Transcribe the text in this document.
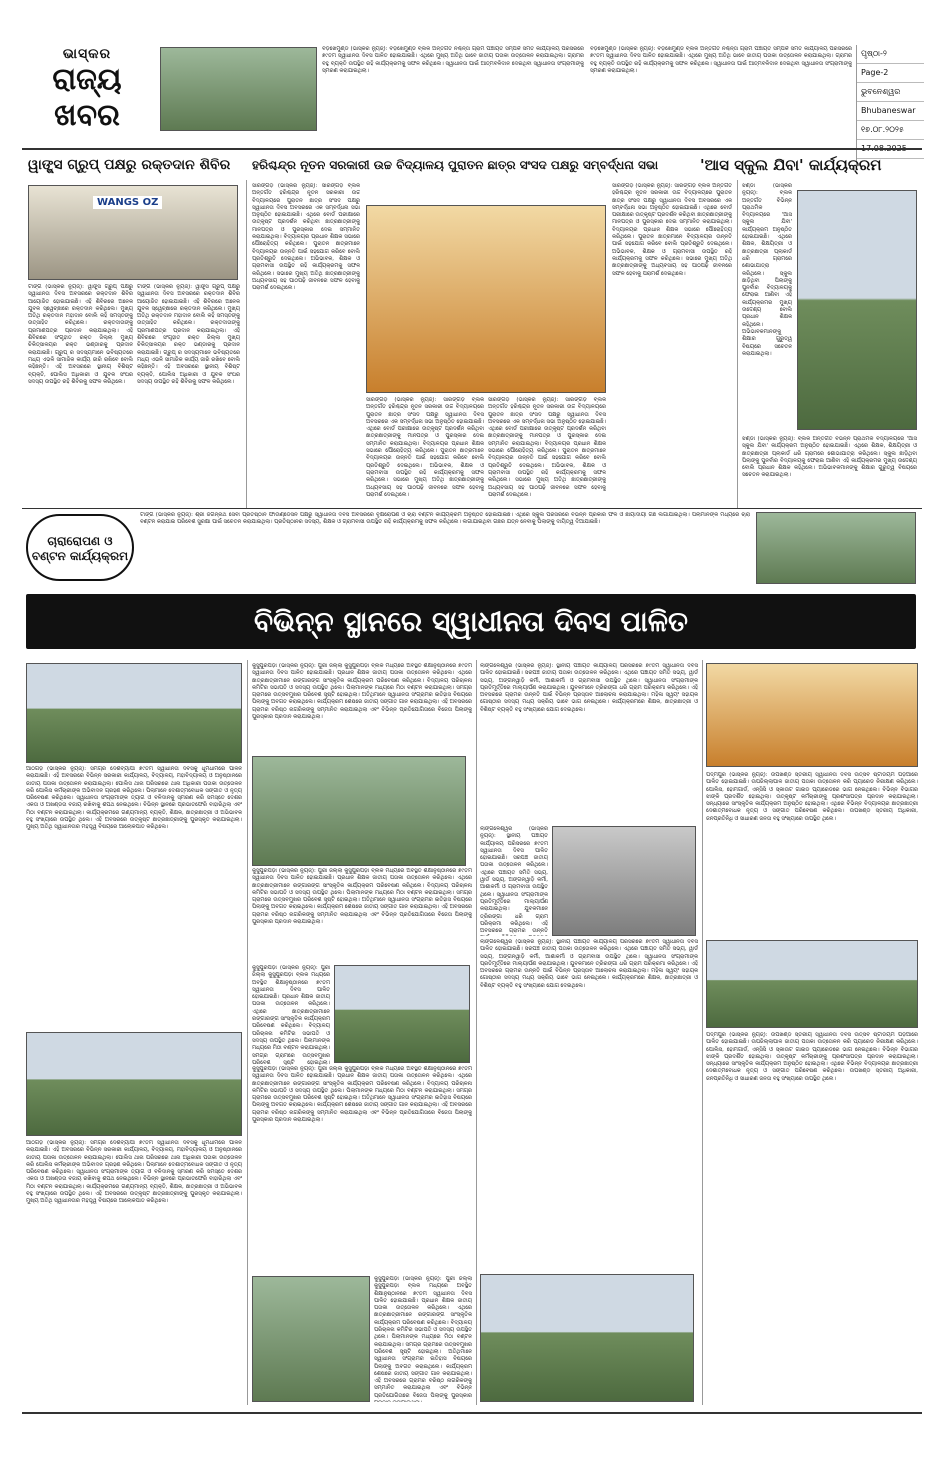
ଭାସ୍କର
ରାଜ୍ୟ
ଖବର
ବଡ଼ଖେମୁଣ୍ଡି (ଭାସ୍କର ନ୍ୟୁଜ୍): ବଡ଼ଖେମୁଣ୍ଡି ବ୍ଲକ ଅନ୍ତର୍ଗତ ନିଶ୍ଚିନ୍ତା ଗ୍ରାମ ପଞ୍ଚାୟତ ସମ୍ପର୍କ ସମିତି କାର୍ଯ୍ୟାଳୟ ପରିସରରେ ୭୯ତମ ସ୍ୱାଧୀନତା ଦିବସ ପାଳିତ ହୋଇଯାଇଛି। ଏଥିରେ ମୁଖ୍ୟ ଅତିଥି ଭାବେ ଜାତୀୟ ପତାକା ଉତ୍ତୋଳନ କରାଯାଇଥିଲା। ଗ୍ରାମର ବହୁ ବ୍ୟକ୍ତି ଉପସ୍ଥିତ ରହି କାର୍ଯ୍ୟକ୍ରମକୁ ସଫଳ କରିଥିଲେ। ସ୍ୱାଧୀନତା ପାଇଁ ଆତ୍ମବଳିଦାନ ଦେଇଥିବା ସ୍ୱାଧୀନତା ସଂଗ୍ରାମୀଙ୍କୁ ସ୍ମରଣ କରାଯାଇଥିଲା।
ବଡ଼ଖେମୁଣ୍ଡି (ଭାସ୍କର ନ୍ୟୁଜ୍): ବଡ଼ଖେମୁଣ୍ଡି ବ୍ଲକ ଅନ୍ତର୍ଗତ ନିଶ୍ଚିନ୍ତା ଗ୍ରାମ ପଞ୍ଚାୟତ ସମ୍ପର୍କ ସମିତି କାର୍ଯ୍ୟାଳୟ ପରିସରରେ ୭୯ତମ ସ୍ୱାଧୀନତା ଦିବସ ପାଳିତ ହୋଇଯାଇଛି। ଏଥିରେ ମୁଖ୍ୟ ଅତିଥି ଭାବେ ଜାତୀୟ ପତାକା ଉତ୍ତୋଳନ କରାଯାଇଥିଲା। ଗ୍ରାମର ବହୁ ବ୍ୟକ୍ତି ଉପସ୍ଥିତ ରହି କାର୍ଯ୍ୟକ୍ରମକୁ ସଫଳ କରିଥିଲେ। ସ୍ୱାଧୀନତା ପାଇଁ ଆତ୍ମବଳିଦାନ ଦେଇଥିବା ସ୍ୱାଧୀନତା ସଂଗ୍ରାମୀଙ୍କୁ ସ୍ମରଣ କରାଯାଇଥିଲା।
ପୃଷ୍ଠା-୨
Page-2
ଭୁବନେଶ୍ୱର
Bhubaneswar
୧୭.୦୮.୨୦୨୫
ୱାଙ୍ଗ୍ସ ଗ୍ରୁପ୍ ପକ୍ଷରୁ ରକ୍ତଦାନ ଶିବିର	ହରିଶ୍ଚନ୍ଦ୍ର ନୂତନ ସରକାରୀ ଉଚ୍ଚ ବିଦ୍ୟାଳୟ ପୁରାତନ ଛାତ୍ର ସଂସଦ ପକ୍ଷରୁ ସମ୍ବର୍ଦ୍ଧନା ସଭା	'ଆସ ସ୍କୁଲ ଯିବା' କାର୍ଯ୍ୟକ୍ରମ
WANGS OZ
ଟାଙ୍ଗି (ଭାସ୍କର ନ୍ୟୁଜ୍): ୱାଙ୍ଗ୍ସ ଗ୍ରୁପ୍ ପକ୍ଷରୁ ସ୍ୱାଧୀନତା ଦିବସ ଅବସରରେ ରକ୍ତଦାନ ଶିବିର ଆୟୋଜିତ ହୋଇଯାଇଛି। ଏହି ଶିବିରରେ ଅନେକ ଯୁବକ ସ୍ୱେଚ୍ଛାରେ ରକ୍ତଦାନ କରିଥିଲେ। ମୁଖ୍ୟ ଅତିଥି ରକ୍ତଦାନ ମହାଦାନ ବୋଲି କହି ସମସ୍ତଙ୍କୁ ଉତ୍ସାହିତ କରିଥିଲେ। ରକ୍ତଦାତାଙ୍କୁ ପ୍ରମାଣପତ୍ର ପ୍ରଦାନ କରାଯାଇଥିଲା। ଏହି ଶିବିରରେ ସଂଗୃହୀତ ରକ୍ତ ଜିଲ୍ଲା ମୁଖ୍ୟ ଚିକିତ୍ସାଳୟର ରକ୍ତ ଭଣ୍ଡାରକୁ ପ୍ରଦାନ କରାଯାଇଛି। ଗ୍ରୁପ୍ ର ସଦସ୍ୟମାନେ ଭବିଷ୍ୟତରେ ମଧ୍ୟ ଏଭଳି ସାମାଜିକ କାର୍ଯ୍ୟ ଜାରି ରଖିବେ ବୋଲି କହିଛନ୍ତି। ଏହି ଅବସରରେ ସ୍ଥାନୀୟ ବିଶିଷ୍ଟ ବ୍ୟକ୍ତି, ପୋଲିସ ଅଧିକାରୀ ଓ ଯୁବକ ସଂଘର ସଦସ୍ୟ ଉପସ୍ଥିତ ରହି ଶିବିରକୁ ସଫଳ କରିଥିଲେ।
ଟାଙ୍ଗି (ଭାସ୍କର ନ୍ୟୁଜ୍): ୱାଙ୍ଗ୍ସ ଗ୍ରୁପ୍ ପକ୍ଷରୁ ସ୍ୱାଧୀନତା ଦିବସ ଅବସରରେ ରକ୍ତଦାନ ଶିବିର ଆୟୋଜିତ ହୋଇଯାଇଛି। ଏହି ଶିବିରରେ ଅନେକ ଯୁବକ ସ୍ୱେଚ୍ଛାରେ ରକ୍ତଦାନ କରିଥିଲେ। ମୁଖ୍ୟ ଅତିଥି ରକ୍ତଦାନ ମହାଦାନ ବୋଲି କହି ସମସ୍ତଙ୍କୁ ଉତ୍ସାହିତ କରିଥିଲେ। ରକ୍ତଦାତାଙ୍କୁ ପ୍ରମାଣପତ୍ର ପ୍ରଦାନ କରାଯାଇଥିଲା। ଏହି ଶିବିରରେ ସଂଗୃହୀତ ରକ୍ତ ଜିଲ୍ଲା ମୁଖ୍ୟ ଚିକିତ୍ସାଳୟର ରକ୍ତ ଭଣ୍ଡାରକୁ ପ୍ରଦାନ କରାଯାଇଛି। ଗ୍ରୁପ୍ ର ସଦସ୍ୟମାନେ ଭବିଷ୍ୟତରେ ମଧ୍ୟ ଏଭଳି ସାମାଜିକ କାର୍ଯ୍ୟ ଜାରି ରଖିବେ ବୋଲି କହିଛନ୍ତି। ଏହି ଅବସରରେ ସ୍ଥାନୀୟ ବିଶିଷ୍ଟ ବ୍ୟକ୍ତି, ପୋଲିସ ଅଧିକାରୀ ଓ ଯୁବକ ସଂଘର ସଦସ୍ୟ ଉପସ୍ଥିତ ରହି ଶିବିରକୁ ସଫଳ କରିଥିଲେ।
ସାରଙ୍ଗଡ଼ (ଭାସ୍କର ନ୍ୟୁଜ୍): ସାରଙ୍ଗଡ଼ ବ୍ଲକ ଅନ୍ତର୍ଗତ ହରିଶ୍ଚନ୍ଦ୍ର ନୂତନ ସରକାରୀ ଉଚ୍ଚ ବିଦ୍ୟାଳୟରେ ପୁରାତନ ଛାତ୍ର ସଂସଦ ପକ୍ଷରୁ ସ୍ୱାଧୀନତା ଦିବସ ଅବସରରେ ଏକ ସମ୍ବର୍ଦ୍ଧନା ସଭା ଅନୁଷ୍ଠିତ ହୋଇଯାଇଛି। ଏଥିରେ ବୋର୍ଡ ପରୀକ୍ଷାରେ ଉତ୍କୃଷ୍ଟ ପ୍ରଦର୍ଶନ କରିଥିବା ଛାତ୍ରଛାତ୍ରୀଙ୍କୁ ମାନପତ୍ର ଓ ପୁରସ୍କାର ଦେଇ ସମ୍ମାନିତ କରାଯାଇଥିଲା। ବିଦ୍ୟାଳୟର ପ୍ରଧାନ ଶିକ୍ଷକ ସଭାରେ ପୌରୋହିତ୍ୟ କରିଥିଲେ। ପୁରାତନ ଛାତ୍ରମାନେ ବିଦ୍ୟାଳୟର ଉନ୍ନତି ପାଇଁ ସହଯୋଗ କରିବେ ବୋଲି ପ୍ରତିଶ୍ରୁତି ଦେଇଥିଲେ। ଅଭିଭାବକ, ଶିକ୍ଷକ ଓ ଗ୍ରାମବାସୀ ଉପସ୍ଥିତ ରହି କାର୍ଯ୍ୟକ୍ରମକୁ ସଫଳ କରିଥିଲେ। ସଭାରେ ମୁଖ୍ୟ ଅତିଥି ଛାତ୍ରଛାତ୍ରୀଙ୍କୁ ଅଧ୍ୟବସାୟ ସହ ପାଠପଢ଼ି ଜୀବନରେ ସଫଳ ହେବାକୁ ପରାମର୍ଶ ଦେଇଥିଲେ।
ସାରଙ୍ଗଡ଼ (ଭାସ୍କର ନ୍ୟୁଜ୍): ସାରଙ୍ଗଡ଼ ବ୍ଲକ ଅନ୍ତର୍ଗତ ହରିଶ୍ଚନ୍ଦ୍ର ନୂତନ ସରକାରୀ ଉଚ୍ଚ ବିଦ୍ୟାଳୟରେ ପୁରାତନ ଛାତ୍ର ସଂସଦ ପକ୍ଷରୁ ସ୍ୱାଧୀନତା ଦିବସ ଅବସରରେ ଏକ ସମ୍ବର୍ଦ୍ଧନା ସଭା ଅନୁଷ୍ଠିତ ହୋଇଯାଇଛି। ଏଥିରେ ବୋର୍ଡ ପରୀକ୍ଷାରେ ଉତ୍କୃଷ୍ଟ ପ୍ରଦର୍ଶନ କରିଥିବା ଛାତ୍ରଛାତ୍ରୀଙ୍କୁ ମାନପତ୍ର ଓ ପୁରସ୍କାର ଦେଇ ସମ୍ମାନିତ କରାଯାଇଥିଲା। ବିଦ୍ୟାଳୟର ପ୍ରଧାନ ଶିକ୍ଷକ ସଭାରେ ପୌରୋହିତ୍ୟ କରିଥିଲେ। ପୁରାତନ ଛାତ୍ରମାନେ ବିଦ୍ୟାଳୟର ଉନ୍ନତି ପାଇଁ ସହଯୋଗ କରିବେ ବୋଲି ପ୍ରତିଶ୍ରୁତି ଦେଇଥିଲେ। ଅଭିଭାବକ, ଶିକ୍ଷକ ଓ ଗ୍ରାମବାସୀ ଉପସ୍ଥିତ ରହି କାର୍ଯ୍ୟକ୍ରମକୁ ସଫଳ କରିଥିଲେ। ସଭାରେ ମୁଖ୍ୟ ଅତିଥି ଛାତ୍ରଛାତ୍ରୀଙ୍କୁ ଅଧ୍ୟବସାୟ ସହ ପାଠପଢ଼ି ଜୀବନରେ ସଫଳ ହେବାକୁ ପରାମର୍ଶ ଦେଇଥିଲେ।
ସାରଙ୍ଗଡ଼ (ଭାସ୍କର ନ୍ୟୁଜ୍): ସାରଙ୍ଗଡ଼ ବ୍ଲକ ଅନ୍ତର୍ଗତ ହରିଶ୍ଚନ୍ଦ୍ର ନୂତନ ସରକାରୀ ଉଚ୍ଚ ବିଦ୍ୟାଳୟରେ ପୁରାତନ ଛାତ୍ର ସଂସଦ ପକ୍ଷରୁ ସ୍ୱାଧୀନତା ଦିବସ ଅବସରରେ ଏକ ସମ୍ବର୍ଦ୍ଧନା ସଭା ଅନୁଷ୍ଠିତ ହୋଇଯାଇଛି। ଏଥିରେ ବୋର୍ଡ ପରୀକ୍ଷାରେ ଉତ୍କୃଷ୍ଟ ପ୍ରଦର୍ଶନ କରିଥିବା ଛାତ୍ରଛାତ୍ରୀଙ୍କୁ ମାନପତ୍ର ଓ ପୁରସ୍କାର ଦେଇ ସମ୍ମାନିତ କରାଯାଇଥିଲା। ବିଦ୍ୟାଳୟର ପ୍ରଧାନ ଶିକ୍ଷକ ସଭାରେ ପୌରୋହିତ୍ୟ କରିଥିଲେ। ପୁରାତନ ଛାତ୍ରମାନେ ବିଦ୍ୟାଳୟର ଉନ୍ନତି ପାଇଁ ସହଯୋଗ କରିବେ ବୋଲି ପ୍ରତିଶ୍ରୁତି ଦେଇଥିଲେ। ଅଭିଭାବକ, ଶିକ୍ଷକ ଓ ଗ୍ରାମବାସୀ ଉପସ୍ଥିତ ରହି କାର୍ଯ୍ୟକ୍ରମକୁ ସଫଳ କରିଥିଲେ। ସଭାରେ ମୁଖ୍ୟ ଅତିଥି ଛାତ୍ରଛାତ୍ରୀଙ୍କୁ ଅଧ୍ୟବସାୟ ସହ ପାଠପଢ଼ି ଜୀବନରେ ସଫଳ ହେବାକୁ ପରାମର୍ଶ ଦେଇଥିଲେ।
ସାରଙ୍ଗଡ଼ (ଭାସ୍କର ନ୍ୟୁଜ୍): ସାରଙ୍ଗଡ଼ ବ୍ଲକ ଅନ୍ତର୍ଗତ ହରିଶ୍ଚନ୍ଦ୍ର ନୂତନ ସରକାରୀ ଉଚ୍ଚ ବିଦ୍ୟାଳୟରେ ପୁରାତନ ଛାତ୍ର ସଂସଦ ପକ୍ଷରୁ ସ୍ୱାଧୀନତା ଦିବସ ଅବସରରେ ଏକ ସମ୍ବର୍ଦ୍ଧନା ସଭା ଅନୁଷ୍ଠିତ ହୋଇଯାଇଛି। ଏଥିରେ ବୋର୍ଡ ପରୀକ୍ଷାରେ ଉତ୍କୃଷ୍ଟ ପ୍ରଦର୍ଶନ କରିଥିବା ଛାତ୍ରଛାତ୍ରୀଙ୍କୁ ମାନପତ୍ର ଓ ପୁରସ୍କାର ଦେଇ ସମ୍ମାନିତ କରାଯାଇଥିଲା। ବିଦ୍ୟାଳୟର ପ୍ରଧାନ ଶିକ୍ଷକ ସଭାରେ ପୌରୋହିତ୍ୟ କରିଥିଲେ। ପୁରାତନ ଛାତ୍ରମାନେ ବିଦ୍ୟାଳୟର ଉନ୍ନତି ପାଇଁ ସହଯୋଗ କରିବେ ବୋଲି ପ୍ରତିଶ୍ରୁତି ଦେଇଥିଲେ। ଅଭିଭାବକ, ଶିକ୍ଷକ ଓ ଗ୍ରାମବାସୀ ଉପସ୍ଥିତ ରହି କାର୍ଯ୍ୟକ୍ରମକୁ ସଫଳ କରିଥିଲେ। ସଭାରେ ମୁଖ୍ୟ ଅତିଥି ଛାତ୍ରଛାତ୍ରୀଙ୍କୁ ଅଧ୍ୟବସାୟ ସହ ପାଠପଢ଼ି ଜୀବନରେ ସଫଳ ହେବାକୁ ପରାମର୍ଶ ଦେଇଥିଲେ।
ଝଣ୍ଡା (ଭାସ୍କର ନ୍ୟୁଜ୍): ବ୍ଲକ ଅନ୍ତର୍ଗତ ବିଭିନ୍ନ ପ୍ରାଥମିକ ବିଦ୍ୟାଳୟରେ 'ଆସ ସ୍କୁଲ ଯିବା' କାର୍ଯ୍ୟକ୍ରମ ଅନୁଷ୍ଠିତ ହୋଇଯାଇଛି। ଏଥିରେ ଶିକ୍ଷକ, ଶିକ୍ଷୟିତ୍ରୀ ଓ ଛାତ୍ରଛାତ୍ରୀ ପ୍ଲାକାର୍ଡ ଧରି ଗ୍ରାମରେ ଶୋଭାଯାତ୍ରା କରିଥିଲେ। ସ୍କୁଲ ଛାଡ଼ିଥିବା ପିଲାଙ୍କୁ ପୁନର୍ବାର ବିଦ୍ୟାଳୟକୁ ଫେରାଇ ଆଣିବା ଏହି କାର୍ଯ୍ୟକ୍ରମର ମୁଖ୍ୟ ଉଦ୍ଦେଶ୍ୟ ବୋଲି ପ୍ରଧାନ ଶିକ୍ଷକ କହିଥିଲେ। ଅଭିଭାବକମାନଙ୍କୁ ଶିକ୍ଷାର ଗୁରୁତ୍ୱ ବିଷୟରେ ସଚେତନ କରାଯାଇଥିଲା।
ଝଣ୍ଡା (ଭାସ୍କର ନ୍ୟୁଜ୍): ବ୍ଲକ ଅନ୍ତର୍ଗତ ବିଭିନ୍ନ ପ୍ରାଥମିକ ବିଦ୍ୟାଳୟରେ 'ଆସ ସ୍କୁଲ ଯିବା' କାର୍ଯ୍ୟକ୍ରମ ଅନୁଷ୍ଠିତ ହୋଇଯାଇଛି। ଏଥିରେ ଶିକ୍ଷକ, ଶିକ୍ଷୟିତ୍ରୀ ଓ ଛାତ୍ରଛାତ୍ରୀ ପ୍ଲାକାର୍ଡ ଧରି ଗ୍ରାମରେ ଶୋଭାଯାତ୍ରା କରିଥିଲେ। ସ୍କୁଲ ଛାଡ଼ିଥିବା ପିଲାଙ୍କୁ ପୁନର୍ବାର ବିଦ୍ୟାଳୟକୁ ଫେରାଇ ଆଣିବା ଏହି କାର୍ଯ୍ୟକ୍ରମର ମୁଖ୍ୟ ଉଦ୍ଦେଶ୍ୟ ବୋଲି ପ୍ରଧାନ ଶିକ୍ଷକ କହିଥିଲେ। ଅଭିଭାବକମାନଙ୍କୁ ଶିକ୍ଷାର ଗୁରୁତ୍ୱ ବିଷୟରେ ସଚେତନ କରାଯାଇଥିଲା।
ଚାରାରୋପଣ ଓ
ବଣ୍ଟନ କାର୍ଯ୍ୟକ୍ରମ
ଟାଙ୍ଗି (ଭାସ୍କର ନ୍ୟୁଜ୍): ଶ୍ରୀ ଜଗନ୍ନାଥ ସେବା ପ୍ରତିଷ୍ଠାନ ଫାଉଣ୍ଡେସନ ପକ୍ଷରୁ ସ୍ୱାଧୀନତା ଦିବସ ଅବସରରେ ବୃକ୍ଷରୋପଣ ଓ ଚାରା ବଣ୍ଟନ କାର୍ଯ୍ୟକ୍ରମ ଅନୁଷ୍ଠିତ ହୋଇଯାଇଛି। ଏଥିରେ ସ୍କୁଲ ପରିସରରେ ବିଭିନ୍ନ ପ୍ରକାର ଫଳ ଓ ଛାୟାଦାୟୀ ଗଛ ଲଗାଯାଇଥିଲା। ପିଲାମାନଙ୍କ ମଧ୍ୟରେ ଚାରା ବଣ୍ଟନ କରାଯାଇ ପରିବେଶ ସୁରକ୍ଷା ପାଇଁ ସଚେତନ କରାଯାଇଥିଲା। ପ୍ରତିଷ୍ଠାନର ସଦସ୍ୟ, ଶିକ୍ଷକ ଓ ଗ୍ରାମବାସୀ ଉପସ୍ଥିତ ରହି କାର୍ଯ୍ୟକ୍ରମକୁ ସଫଳ କରିଥିଲେ। ଲଗାଯାଇଥିବା ଗଛର ଯତ୍ନ ନେବାକୁ ପିଲାଙ୍କୁ ଦାୟିତ୍ୱ ଦିଆଯାଇଛି।
ବିଭିନ୍ନ ସ୍ଥାନରେ ସ୍ୱାଧୀନତା ଦିବସ ପାଳିତ
ଆଠଗଡ଼ (ଭାସ୍କର ନ୍ୟୁଜ୍): ସମଗ୍ର ଦେଶବ୍ୟାପୀ ୭୯ତମ ସ୍ୱାଧୀନତା ଦିବସକୁ ଧୂମଧାମରେ ପାଳନ କରାଯାଇଛି। ଏହି ଅବସରରେ ବିଭିନ୍ନ ସରକାରୀ କାର୍ଯ୍ୟାଳୟ, ବିଦ୍ୟାଳୟ, ମହାବିଦ୍ୟାଳୟ ଓ ଅନୁଷ୍ଠାନରେ ଜାତୀୟ ପତାକା ଉତ୍ତୋଳନ କରାଯାଇଥିଲା। ପୋଲିସ ଥାନା ପରିସରରେ ଥାନା ଅଧିକାରୀ ପତାକା ଉତ୍ତୋଳନ କରି ପୋଲିସ କର୍ମଚାରୀଙ୍କ ଅଭିବାଦନ ଗ୍ରହଣ କରିଥିଲେ। ପିଲାମାନେ ଦେଶାତ୍ମବୋଧକ ସଙ୍ଗୀତ ଓ ନୃତ୍ୟ ପରିବେଷଣ କରିଥିଲେ। ସ୍ୱାଧୀନତା ସଂଗ୍ରାମୀଙ୍କ ତ୍ୟାଗ ଓ ବଳିଦାନକୁ ସ୍ମରଣ କରି ସମସ୍ତେ ଦେଶର ଏକତା ଓ ଅଖଣ୍ଡତା ବଜାୟ ରଖିବାକୁ ଶପଥ ନେଇଥିଲେ। ବିଭିନ୍ନ ସ୍ଥାନରେ ପ୍ରଭାତଫେରି ବାହାରିଥିଲା ଏବଂ ମିଠା ବଣ୍ଟନ କରାଯାଇଥିଲା। କାର୍ଯ୍ୟକ୍ରମରେ ଗଣ୍ୟମାନ୍ୟ ବ୍ୟକ୍ତି, ଶିକ୍ଷକ, ଛାତ୍ରଛାତ୍ରୀ ଓ ଅଭିଭାବକ ବହୁ ସଂଖ୍ୟାରେ ଉପସ୍ଥିତ ଥିଲେ। ଏହି ଅବସରରେ ଉତ୍କୃଷ୍ଟ ଛାତ୍ରଛାତ୍ରୀଙ୍କୁ ପୁରସ୍କୃତ କରାଯାଇଥିଲା। ମୁଖ୍ୟ ଅତିଥି ସ୍ୱାଧୀନତାର ମହତ୍ତ୍ୱ ବିଷୟରେ ଆଲୋକପାତ କରିଥିଲେ।
ଆଠଗଡ଼ (ଭାସ୍କର ନ୍ୟୁଜ୍): ସମଗ୍ର ଦେଶବ୍ୟାପୀ ୭୯ତମ ସ୍ୱାଧୀନତା ଦିବସକୁ ଧୂମଧାମରେ ପାଳନ କରାଯାଇଛି। ଏହି ଅବସରରେ ବିଭିନ୍ନ ସରକାରୀ କାର୍ଯ୍ୟାଳୟ, ବିଦ୍ୟାଳୟ, ମହାବିଦ୍ୟାଳୟ ଓ ଅନୁଷ୍ଠାନରେ ଜାତୀୟ ପତାକା ଉତ୍ତୋଳନ କରାଯାଇଥିଲା। ପୋଲିସ ଥାନା ପରିସରରେ ଥାନା ଅଧିକାରୀ ପତାକା ଉତ୍ତୋଳନ କରି ପୋଲିସ କର୍ମଚାରୀଙ୍କ ଅଭିବାଦନ ଗ୍ରହଣ କରିଥିଲେ। ପିଲାମାନେ ଦେଶାତ୍ମବୋଧକ ସଙ୍ଗୀତ ଓ ନୃତ୍ୟ ପରିବେଷଣ କରିଥିଲେ। ସ୍ୱାଧୀନତା ସଂଗ୍ରାମୀଙ୍କ ତ୍ୟାଗ ଓ ବଳିଦାନକୁ ସ୍ମରଣ କରି ସମସ୍ତେ ଦେଶର ଏକତା ଓ ଅଖଣ୍ଡତା ବଜାୟ ରଖିବାକୁ ଶପଥ ନେଇଥିଲେ। ବିଭିନ୍ନ ସ୍ଥାନରେ ପ୍ରଭାତଫେରି ବାହାରିଥିଲା ଏବଂ ମିଠା ବଣ୍ଟନ କରାଯାଇଥିଲା। କାର୍ଯ୍ୟକ୍ରମରେ ଗଣ୍ୟମାନ୍ୟ ବ୍ୟକ୍ତି, ଶିକ୍ଷକ, ଛାତ୍ରଛାତ୍ରୀ ଓ ଅଭିଭାବକ ବହୁ ସଂଖ୍ୟାରେ ଉପସ୍ଥିତ ଥିଲେ। ଏହି ଅବସରରେ ଉତ୍କୃଷ୍ଟ ଛାତ୍ରଛାତ୍ରୀଙ୍କୁ ପୁରସ୍କୃତ କରାଯାଇଥିଲା। ମୁଖ୍ୟ ଅତିଥି ସ୍ୱାଧୀନତାର ମହତ୍ତ୍ୱ ବିଷୟରେ ଆଲୋକପାତ କରିଥିଲେ।
କୁସୁପୁରପଡ଼ା (ଭାସ୍କର ନ୍ୟୁଜ୍): ପୁରୀ ଜିଲ୍ଲା କୁସୁପୁରପଡ଼ା ବ୍ଲକ ମଧ୍ୟରେ ଅବସ୍ଥିତ ଶିକ୍ଷାନୁଷ୍ଠାନରେ ୭୯ତମ ସ୍ୱାଧୀନତା ଦିବସ ପାଳିତ ହୋଇଯାଇଛି। ପ୍ରଧାନ ଶିକ୍ଷକ ଜାତୀୟ ପତାକା ଉତ୍ତୋଳନ କରିଥିଲେ। ଏଥିରେ ଛାତ୍ରଛାତ୍ରୀମାନେ ରଙ୍ଗାରଙ୍ଗ ସାଂସ୍କୃତିକ କାର୍ଯ୍ୟକ୍ରମ ପରିବେଷଣ କରିଥିଲେ। ବିଦ୍ୟାଳୟ ପରିଚାଳନା କମିଟିର ସଭାପତି ଓ ସଦସ୍ୟ ଉପସ୍ଥିତ ଥିଲେ। ପିଲାମାନଙ୍କ ମଧ୍ୟରେ ମିଠା ବଣ୍ଟନ କରାଯାଇଥିଲା। ସମଗ୍ର ଗ୍ରାମରେ ଉତ୍ସବମୁଖର ପରିବେଶ ସୃଷ୍ଟି ହୋଇଥିଲା। ଅତିଥିମାନେ ସ୍ୱାଧୀନତା ସଂଗ୍ରାମର ଇତିହାସ ବିଷୟରେ ପିଲାଙ୍କୁ ଅବଗତ କରାଇଥିଲେ। କାର୍ଯ୍ୟକ୍ରମ ଶେଷରେ ଜାତୀୟ ସଙ୍ଗୀତ ଗାନ କରାଯାଇଥିଲା। ଏହି ଅବସରରେ ଗ୍ରାମର ବରିଷ୍ଠ ନାଗରିକଙ୍କୁ ସମ୍ମାନିତ କରାଯାଇଥିଲା ଏବଂ ବିଭିନ୍ନ ପ୍ରତିଯୋଗିତାରେ ବିଜେତା ପିଲାଙ୍କୁ ପୁରସ୍କାର ପ୍ରଦାନ କରାଯାଇଥିଲା।
କୁସୁପୁରପଡ଼ା (ଭାସ୍କର ନ୍ୟୁଜ୍): ପୁରୀ ଜିଲ୍ଲା କୁସୁପୁରପଡ଼ା ବ୍ଲକ ମଧ୍ୟରେ ଅବସ୍ଥିତ ଶିକ୍ଷାନୁଷ୍ଠାନରେ ୭୯ତମ ସ୍ୱାଧୀନତା ଦିବସ ପାଳିତ ହୋଇଯାଇଛି। ପ୍ରଧାନ ଶିକ୍ଷକ ଜାତୀୟ ପତାକା ଉତ୍ତୋଳନ କରିଥିଲେ। ଏଥିରେ ଛାତ୍ରଛାତ୍ରୀମାନେ ରଙ୍ଗାରଙ୍ଗ ସାଂସ୍କୃତିକ କାର୍ଯ୍ୟକ୍ରମ ପରିବେଷଣ କରିଥିଲେ। ବିଦ୍ୟାଳୟ ପରିଚାଳନା କମିଟିର ସଭାପତି ଓ ସଦସ୍ୟ ଉପସ୍ଥିତ ଥିଲେ। ପିଲାମାନଙ୍କ ମଧ୍ୟରେ ମିଠା ବଣ୍ଟନ କରାଯାଇଥିଲା। ସମଗ୍ର ଗ୍ରାମରେ ଉତ୍ସବମୁଖର ପରିବେଶ ସୃଷ୍ଟି ହୋଇଥିଲା। ଅତିଥିମାନେ ସ୍ୱାଧୀନତା ସଂଗ୍ରାମର ଇତିହାସ ବିଷୟରେ ପିଲାଙ୍କୁ ଅବଗତ କରାଇଥିଲେ। କାର୍ଯ୍ୟକ୍ରମ ଶେଷରେ ଜାତୀୟ ସଙ୍ଗୀତ ଗାନ କରାଯାଇଥିଲା। ଏହି ଅବସରରେ ଗ୍ରାମର ବରିଷ୍ଠ ନାଗରିକଙ୍କୁ ସମ୍ମାନିତ କରାଯାଇଥିଲା ଏବଂ ବିଭିନ୍ନ ପ୍ରତିଯୋଗିତାରେ ବିଜେତା ପିଲାଙ୍କୁ ପୁରସ୍କାର ପ୍ରଦାନ କରାଯାଇଥିଲା।
କୁସୁପୁରପଡ଼ା (ଭାସ୍କର ନ୍ୟୁଜ୍): ପୁରୀ ଜିଲ୍ଲା କୁସୁପୁରପଡ଼ା ବ୍ଲକ ମଧ୍ୟରେ ଅବସ୍ଥିତ ଶିକ୍ଷାନୁଷ୍ଠାନରେ ୭୯ତମ ସ୍ୱାଧୀନତା ଦିବସ ପାଳିତ ହୋଇଯାଇଛି। ପ୍ରଧାନ ଶିକ୍ଷକ ଜାତୀୟ ପତାକା ଉତ୍ତୋଳନ କରିଥିଲେ। ଏଥିରେ ଛାତ୍ରଛାତ୍ରୀମାନେ ରଙ୍ଗାରଙ୍ଗ ସାଂସ୍କୃତିକ କାର୍ଯ୍ୟକ୍ରମ ପରିବେଷଣ କରିଥିଲେ। ବିଦ୍ୟାଳୟ ପରିଚାଳନା କମିଟିର ସଭାପତି ଓ ସଦସ୍ୟ ଉପସ୍ଥିତ ଥିଲେ। ପିଲାମାନଙ୍କ ମଧ୍ୟରେ ମିଠା ବଣ୍ଟନ କରାଯାଇଥିଲା। ସମଗ୍ର ଗ୍ରାମରେ ଉତ୍ସବମୁଖର ପରିବେଶ ସୃଷ୍ଟି ହୋଇଥିଲା।
କୁସୁପୁରପଡ଼ା (ଭାସ୍କର ନ୍ୟୁଜ୍): ପୁରୀ ଜିଲ୍ଲା କୁସୁପୁରପଡ଼ା ବ୍ଲକ ମଧ୍ୟରେ ଅବସ୍ଥିତ ଶିକ୍ଷାନୁଷ୍ଠାନରେ ୭୯ତମ ସ୍ୱାଧୀନତା ଦିବସ ପାଳିତ ହୋଇଯାଇଛି। ପ୍ରଧାନ ଶିକ୍ଷକ ଜାତୀୟ ପତାକା ଉତ୍ତୋଳନ କରିଥିଲେ। ଏଥିରେ ଛାତ୍ରଛାତ୍ରୀମାନେ ରଙ୍ଗାରଙ୍ଗ ସାଂସ୍କୃତିକ କାର୍ଯ୍ୟକ୍ରମ ପରିବେଷଣ କରିଥିଲେ। ବିଦ୍ୟାଳୟ ପରିଚାଳନା କମିଟିର ସଭାପତି ଓ ସଦସ୍ୟ ଉପସ୍ଥିତ ଥିଲେ। ପିଲାମାନଙ୍କ ମଧ୍ୟରେ ମିଠା ବଣ୍ଟନ କରାଯାଇଥିଲା। ସମଗ୍ର ଗ୍ରାମରେ ଉତ୍ସବମୁଖର ପରିବେଶ ସୃଷ୍ଟି ହୋଇଥିଲା। ଅତିଥିମାନେ ସ୍ୱାଧୀନତା ସଂଗ୍ରାମର ଇତିହାସ ବିଷୟରେ ପିଲାଙ୍କୁ ଅବଗତ କରାଇଥିଲେ। କାର୍ଯ୍ୟକ୍ରମ ଶେଷରେ ଜାତୀୟ ସଙ୍ଗୀତ ଗାନ କରାଯାଇଥିଲା। ଏହି ଅବସରରେ ଗ୍ରାମର ବରିଷ୍ଠ ନାଗରିକଙ୍କୁ ସମ୍ମାନିତ କରାଯାଇଥିଲା ଏବଂ ବିଭିନ୍ନ ପ୍ରତିଯୋଗିତାରେ ବିଜେତା ପିଲାଙ୍କୁ ପୁରସ୍କାର ପ୍ରଦାନ କରାଯାଇଥିଲା।
କୁସୁପୁରପଡ଼ା (ଭାସ୍କର ନ୍ୟୁଜ୍): ପୁରୀ ଜିଲ୍ଲା କୁସୁପୁରପଡ଼ା ବ୍ଲକ ମଧ୍ୟରେ ଅବସ୍ଥିତ ଶିକ୍ଷାନୁଷ୍ଠାନରେ ୭୯ତମ ସ୍ୱାଧୀନତା ଦିବସ ପାଳିତ ହୋଇଯାଇଛି। ପ୍ରଧାନ ଶିକ୍ଷକ ଜାତୀୟ ପତାକା ଉତ୍ତୋଳନ କରିଥିଲେ। ଏଥିରେ ଛାତ୍ରଛାତ୍ରୀମାନେ ରଙ୍ଗାରଙ୍ଗ ସାଂସ୍କୃତିକ କାର୍ଯ୍ୟକ୍ରମ ପରିବେଷଣ କରିଥିଲେ। ବିଦ୍ୟାଳୟ ପରିଚାଳନା କମିଟିର ସଭାପତି ଓ ସଦସ୍ୟ ଉପସ୍ଥିତ ଥିଲେ। ପିଲାମାନଙ୍କ ମଧ୍ୟରେ ମିଠା ବଣ୍ଟନ କରାଯାଇଥିଲା। ସମଗ୍ର ଗ୍ରାମରେ ଉତ୍ସବମୁଖର ପରିବେଶ ସୃଷ୍ଟି ହୋଇଥିଲା। ଅତିଥିମାନେ ସ୍ୱାଧୀନତା ସଂଗ୍ରାମର ଇତିହାସ ବିଷୟରେ ପିଲାଙ୍କୁ ଅବଗତ କରାଇଥିଲେ। କାର୍ଯ୍ୟକ୍ରମ ଶେଷରେ ଜାତୀୟ ସଙ୍ଗୀତ ଗାନ କରାଯାଇଥିଲା। ଏହି ଅବସରରେ ଗ୍ରାମର ବରିଷ୍ଠ ନାଗରିକଙ୍କୁ ସମ୍ମାନିତ କରାଯାଇଥିଲା ଏବଂ ବିଭିନ୍ନ ପ୍ରତିଯୋଗିତାରେ ବିଜେତା ପିଲାଙ୍କୁ ପୁରସ୍କାର
ଲାଙ୍ଗଳେଶ୍ୱର (ଭାସ୍କର ନ୍ୟୁଜ୍): ସ୍ଥାନୀୟ ପଞ୍ଚାୟତ କାର୍ଯ୍ୟାଳୟ ପରିସରରେ ୭୯ତମ ସ୍ୱାଧୀନତା ଦିବସ ପାଳିତ ହୋଇଯାଇଛି। ସରପଞ୍ଚ ଜାତୀୟ ପତାକା ଉତ୍ତୋଳନ କରିଥିଲେ। ଏଥିରେ ପଞ୍ଚାୟତ ସମିତି ସଭ୍ୟ, ୱାର୍ଡ ସଭ୍ୟ, ଅଙ୍ଗନୱାଡ଼ି କର୍ମୀ, ଆଶାକର୍ମୀ ଓ ଗ୍ରାମବାସୀ ଉପସ୍ଥିତ ଥିଲେ। ସ୍ୱାଧୀନତା ସଂଗ୍ରାମୀଙ୍କ ପ୍ରତିମୂର୍ତ୍ତିରେ ମାଲ୍ୟାର୍ପଣ କରାଯାଇଥିଲା। ଯୁବକମାନେ ତ୍ରିରଙ୍ଗା ଧରି ଗ୍ରାମ ପରିକ୍ରମା କରିଥିଲେ। ଏହି ଅବସରରେ ଗ୍ରାମର ଉନ୍ନତି ପାଇଁ ବିଭିନ୍ନ ପ୍ରସ୍ତାବ ଆଲୋଚନା କରାଯାଇଥିଲା। ମହିଳା ସ୍ୱୟଂ ସହାୟକ ଗୋଷ୍ଠୀର ସଦସ୍ୟ ମଧ୍ୟ ସକ୍ରିୟ ଭାବେ ଭାଗ ନେଇଥିଲେ। କାର୍ଯ୍ୟକ୍ରମରେ ଶିକ୍ଷକ, ଛାତ୍ରଛାତ୍ରୀ ଓ ବିଶିଷ୍ଟ ବ୍ୟକ୍ତି ବହୁ ସଂଖ୍ୟାରେ ଯୋଗ ଦେଇଥିଲେ।
ଲାଙ୍ଗଳେଶ୍ୱର (ଭାସ୍କର ନ୍ୟୁଜ୍): ସ୍ଥାନୀୟ ପଞ୍ଚାୟତ କାର୍ଯ୍ୟାଳୟ ପରିସରରେ ୭୯ତମ ସ୍ୱାଧୀନତା ଦିବସ ପାଳିତ ହୋଇଯାଇଛି। ସରପଞ୍ଚ ଜାତୀୟ ପତାକା ଉତ୍ତୋଳନ କରିଥିଲେ। ଏଥିରେ ପଞ୍ଚାୟତ ସମିତି ସଭ୍ୟ, ୱାର୍ଡ ସଭ୍ୟ, ଅଙ୍ଗନୱାଡ଼ି କର୍ମୀ, ଆଶାକର୍ମୀ ଓ ଗ୍ରାମବାସୀ ଉପସ୍ଥିତ ଥିଲେ। ସ୍ୱାଧୀନତା ସଂଗ୍ରାମୀଙ୍କ ପ୍ରତିମୂର୍ତ୍ତିରେ ମାଲ୍ୟାର୍ପଣ କରାଯାଇଥିଲା। ଯୁବକମାନେ ତ୍ରିରଙ୍ଗା ଧରି ଗ୍ରାମ ପରିକ୍ରମା କରିଥିଲେ। ଏହି ଅବସରରେ ଗ୍ରାମର ଉନ୍ନତି
ଲାଙ୍ଗଳେଶ୍ୱର (ଭାସ୍କର ନ୍ୟୁଜ୍): ସ୍ଥାନୀୟ ପଞ୍ଚାୟତ କାର୍ଯ୍ୟାଳୟ ପରିସରରେ ୭୯ତମ ସ୍ୱାଧୀନତା ଦିବସ ପାଳିତ ହୋଇଯାଇଛି। ସରପଞ୍ଚ ଜାତୀୟ ପତାକା ଉତ୍ତୋଳନ କରିଥିଲେ। ଏଥିରେ ପଞ୍ଚାୟତ ସମିତି ସଭ୍ୟ, ୱାର୍ଡ ସଭ୍ୟ, ଅଙ୍ଗନୱାଡ଼ି କର୍ମୀ, ଆଶାକର୍ମୀ ଓ ଗ୍ରାମବାସୀ ଉପସ୍ଥିତ ଥିଲେ। ସ୍ୱାଧୀନତା ସଂଗ୍ରାମୀଙ୍କ ପ୍ରତିମୂର୍ତ୍ତିରେ ମାଲ୍ୟାର୍ପଣ କରାଯାଇଥିଲା। ଯୁବକମାନେ ତ୍ରିରଙ୍ଗା ଧରି ଗ୍ରାମ ପରିକ୍ରମା କରିଥିଲେ। ଏହି ଅବସରରେ ଗ୍ରାମର ଉନ୍ନତି ପାଇଁ ବିଭିନ୍ନ ପ୍ରସ୍ତାବ ଆଲୋଚନା କରାଯାଇଥିଲା। ମହିଳା ସ୍ୱୟଂ ସହାୟକ ଗୋଷ୍ଠୀର ସଦସ୍ୟ ମଧ୍ୟ ସକ୍ରିୟ ଭାବେ ଭାଗ ନେଇଥିଲେ। କାର୍ଯ୍ୟକ୍ରମରେ ଶିକ୍ଷକ, ଛାତ୍ରଛାତ୍ରୀ ଓ ବିଶିଷ୍ଟ ବ୍ୟକ୍ତି ବହୁ ସଂଖ୍ୟାରେ ଯୋଗ ଦେଇଥିଲେ।
ପଦ୍ମପୁର (ଭାସ୍କର ନ୍ୟୁଜ୍): ଉପଖଣ୍ଡ ସ୍ତରୀୟ ସ୍ୱାଧୀନତା ଦିବସ ଉତ୍ସବ ଷ୍ଟାଡିୟମ ପଡ଼ିଆରେ ପାଳିତ ହୋଇଯାଇଛି। ଉପଜିଲ୍ଲାପାଳ ଜାତୀୟ ପତାକା ଉତ୍ତୋଳନ କରି ପ୍ୟାରେଡ ନିରୀକ୍ଷଣ କରିଥିଲେ। ପୋଲିସ, ହୋମଗାର୍ଡ, ଏନ୍‌ସିସି ଓ ସ୍କାଉଟ ଗାଇଡ ପ୍ୟାରେଡରେ ଭାଗ ନେଇଥିଲେ। ବିଭିନ୍ନ ବିଭାଗର ଝାଙ୍କି ପ୍ରଦର୍ଶିତ ହୋଇଥିଲା। ଉତ୍କୃଷ୍ଟ କର୍ମଚାରୀଙ୍କୁ ପ୍ରଶଂସାପତ୍ର ପ୍ରଦାନ କରାଯାଇଥିଲା। ସନ୍ଧ୍ୟାରେ ସାଂସ୍କୃତିକ କାର୍ଯ୍ୟକ୍ରମ ଅନୁଷ୍ଠିତ ହୋଇଥିଲା। ଏଥିରେ ବିଭିନ୍ନ ବିଦ୍ୟାଳୟର ଛାତ୍ରଛାତ୍ରୀ ଦେଶାତ୍ମବୋଧକ ନୃତ୍ୟ ଓ ସଙ୍ଗୀତ ପରିବେଷଣ କରିଥିଲେ। ଉପଖଣ୍ଡ ସ୍ତରୀୟ ଅଧିକାରୀ, ଜନପ୍ରତିନିଧି ଓ ସାଧାରଣ ଜନତା ବହୁ ସଂଖ୍ୟାରେ ଉପସ୍ଥିତ ଥିଲେ।
ପଦ୍ମପୁର (ଭାସ୍କର ନ୍ୟୁଜ୍): ଉପଖଣ୍ଡ ସ୍ତରୀୟ ସ୍ୱାଧୀନତା ଦିବସ ଉତ୍ସବ ଷ୍ଟାଡିୟମ ପଡ଼ିଆରେ ପାଳିତ ହୋଇଯାଇଛି। ଉପଜିଲ୍ଲାପାଳ ଜାତୀୟ ପତାକା ଉତ୍ତୋଳନ କରି ପ୍ୟାରେଡ ନିରୀକ୍ଷଣ କରିଥିଲେ। ପୋଲିସ, ହୋମଗାର୍ଡ, ଏନ୍‌ସିସି ଓ ସ୍କାଉଟ ଗାଇଡ ପ୍ୟାରେଡରେ ଭାଗ ନେଇଥିଲେ। ବିଭିନ୍ନ ବିଭାଗର ଝାଙ୍କି ପ୍ରଦର୍ଶିତ ହୋଇଥିଲା। ଉତ୍କୃଷ୍ଟ କର୍ମଚାରୀଙ୍କୁ ପ୍ରଶଂସାପତ୍ର ପ୍ରଦାନ କରାଯାଇଥିଲା। ସନ୍ଧ୍ୟାରେ ସାଂସ୍କୃତିକ କାର୍ଯ୍ୟକ୍ରମ ଅନୁଷ୍ଠିତ ହୋଇଥିଲା। ଏଥିରେ ବିଭିନ୍ନ ବିଦ୍ୟାଳୟର ଛାତ୍ରଛାତ୍ରୀ ଦେଶାତ୍ମବୋଧକ ନୃତ୍ୟ ଓ ସଙ୍ଗୀତ ପରିବେଷଣ କରିଥିଲେ। ଉପଖଣ୍ଡ ସ୍ତରୀୟ ଅଧିକାରୀ, ଜନପ୍ରତିନିଧି ଓ ସାଧାରଣ ଜନତା ବହୁ ସଂଖ୍ୟାରେ ଉପସ୍ଥିତ ଥିଲେ।
